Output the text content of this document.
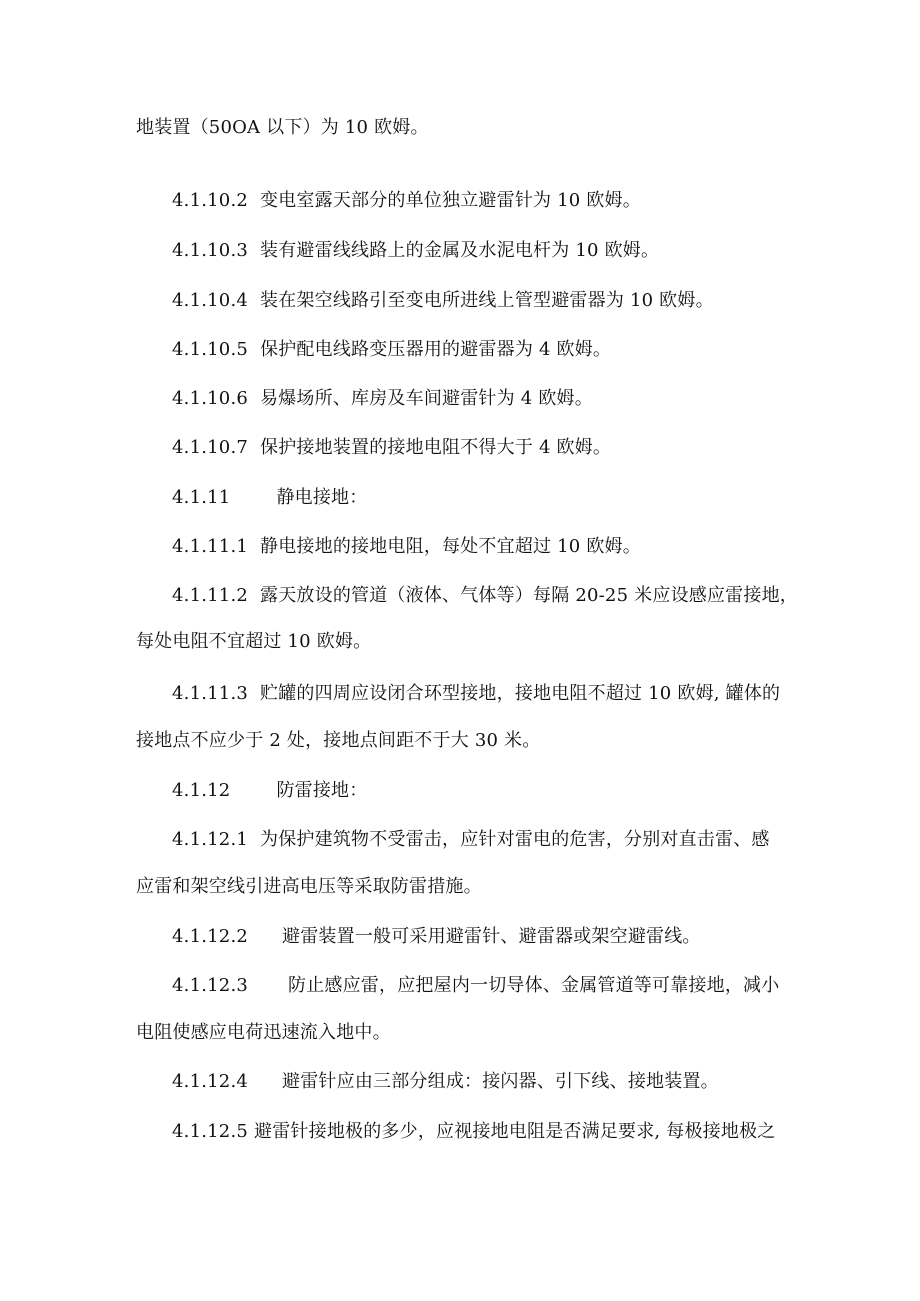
地装置（50OA 以下）为 10 欧姆。
4.1.10.2 变电室露天部分的单位独立避雷针为 10 欧姆。
4.1.10.3 装有避雷线线路上的金属及水泥电杆为 10 欧姆。
4.1.10.4 装在架空线路引至变电所进线上管型避雷器为 10 欧姆。
4.1.10.5 保护配电线路变压器用的避雷器为 4 欧姆。
4.1.10.6 易爆场所、库房及车间避雷针为 4 欧姆。
4.1.10.7 保护接地装置的接地电阻不得大于 4 欧姆。
4.1.11	静电接地：
4.1.11.1 静电接地的接地电阻，每处不宜超过 10 欧姆。
4.1.11.2 露天放设的管道（液体、气体等）每隔 20-25 米应设感应雷接地，
每处电阻不宜超过 10 欧姆。
4.1.11.3 贮罐的四周应设闭合环型接地，接地电阻不超过 10 欧姆, 罐体的
接地点不应少于 2 处，接地点间距不于大 30 米。
4.1.12	防雷接地：
4.1.12.1 为保护建筑物不受雷击，应针对雷电的危害，分别对直击雷、感
应雷和架空线引进高电压等采取防雷措施。
4.1.12.2 避雷装置一般可采用避雷针、避雷器或架空避雷线。
4.1.12.3 防止感应雷，应把屋内一切导体、金属管道等可靠接地，减小
电阻使感应电荷迅速流入地中。
4.1.12.4 避雷针应由三部分组成：接闪器、引下线、接地装置。
4.1.12.5 避雷针接地极的多少，应视接地电阻是否满足要求, 每极接地极之
